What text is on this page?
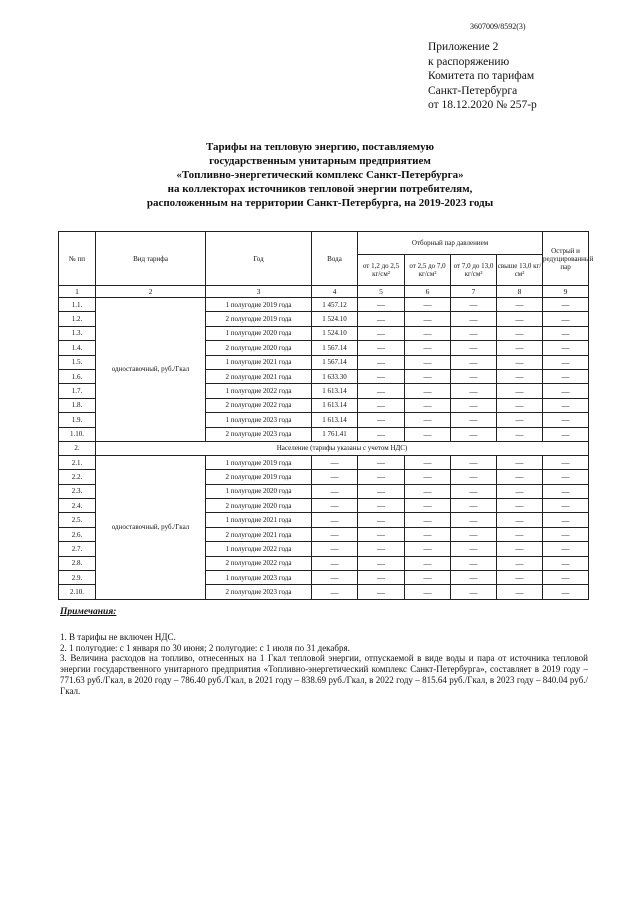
3607009/8592(3)
Приложение 2
к распоряжению
Комитета по тарифам
Санкт-Петербурга
от 18.12.2020 № 257-р
Тарифы на тепловую энергию, поставляемую
государственным унитарным предприятием
«Топливно-энергетический комплекс Санкт-Петербурга»
на коллекторах источников тепловой энергии потребителям,
расположенным на территории Санкт-Петербурга, на 2019-2023 годы
№ пп	Вид тарифа	Год	Вода	Отборный пар давлением				Острый и редуцированный пар
				от 1,2 до 2,5 кг/см²	от 2,5 до 7,0 кг/см²	от 7,0 до 13,0 кг/см²	свыше 13,0 кг/см²	
1	2	3	4	5	6	7	8	9
1.1.	одноставочный, руб./Гкал	1 полугодие 2019 года	1 457.12	—	—	—	—	—
1.2.		2 полугодие 2019 года	1 524.10	—	—	—	—	—
1.3.		1 полугодие 2020 года	1 524.10	—	—	—	—	—
1.4.		2 полугодие 2020 года	1 567.14	—	—	—	—	—
1.5.		1 полугодие 2021 года	1 567.14	—	—	—	—	—
1.6.		2 полугодие 2021 года	1 633.30	—	—	—	—	—
1.7.		1 полугодие 2022 года	1 613.14	—	—	—	—	—
1.8.		2 полугодие 2022 года	1 613.14	—	—	—	—	—
1.9.		1 полугодие 2023 года	1 613.14	—	—	—	—	—
1.10.		2 полугодие 2023 года	1 761.41	—	—	—	—	—
2.	Население (тарифы указаны с учетом НДС)							
2.1.	одноставочный, руб./Гкал	1 полугодие 2019 года	—	—	—	—	—	—
2.2.		2 полугодие 2019 года	—	—	—	—	—	—
2.3.		1 полугодие 2020 года	—	—	—	—	—	—
2.4.		2 полугодие 2020 года	—	—	—	—	—	—
2.5.		1 полугодие 2021 года	—	—	—	—	—	—
2.6.		2 полугодие 2021 года	—	—	—	—	—	—
2.7.		1 полугодие 2022 года	—	—	—	—	—	—
2.8.		2 полугодие 2022 года	—	—	—	—	—	—
2.9.		1 полугодие 2023 года	—	—	—	—	—	—
2.10.		2 полугодие 2023 года	—	—	—	—	—	—
Примечания:

1. В тарифы не включен НДС.

2. 1 полугодие: с 1 января по 30 июня; 2 полугодие: с 1 июля по 31 декабря.

3. Величина расходов на топливо, отнесенных на 1 Гкал тепловой энергии, отпускаемой в виде воды и пара от источника тепловой энергии государственного унитарного предприятия «Топливно-энергетический комплекс Санкт-Петербурга», составляет в 2019 году – 771.63 руб./Гкал, в 2020 году – 786.40 руб./Гкал, в 2021 году – 838.69 руб./Гкал, в 2022 году – 815.64 руб./Гкал, в 2023 году – 840.04 руб./Гкал.
